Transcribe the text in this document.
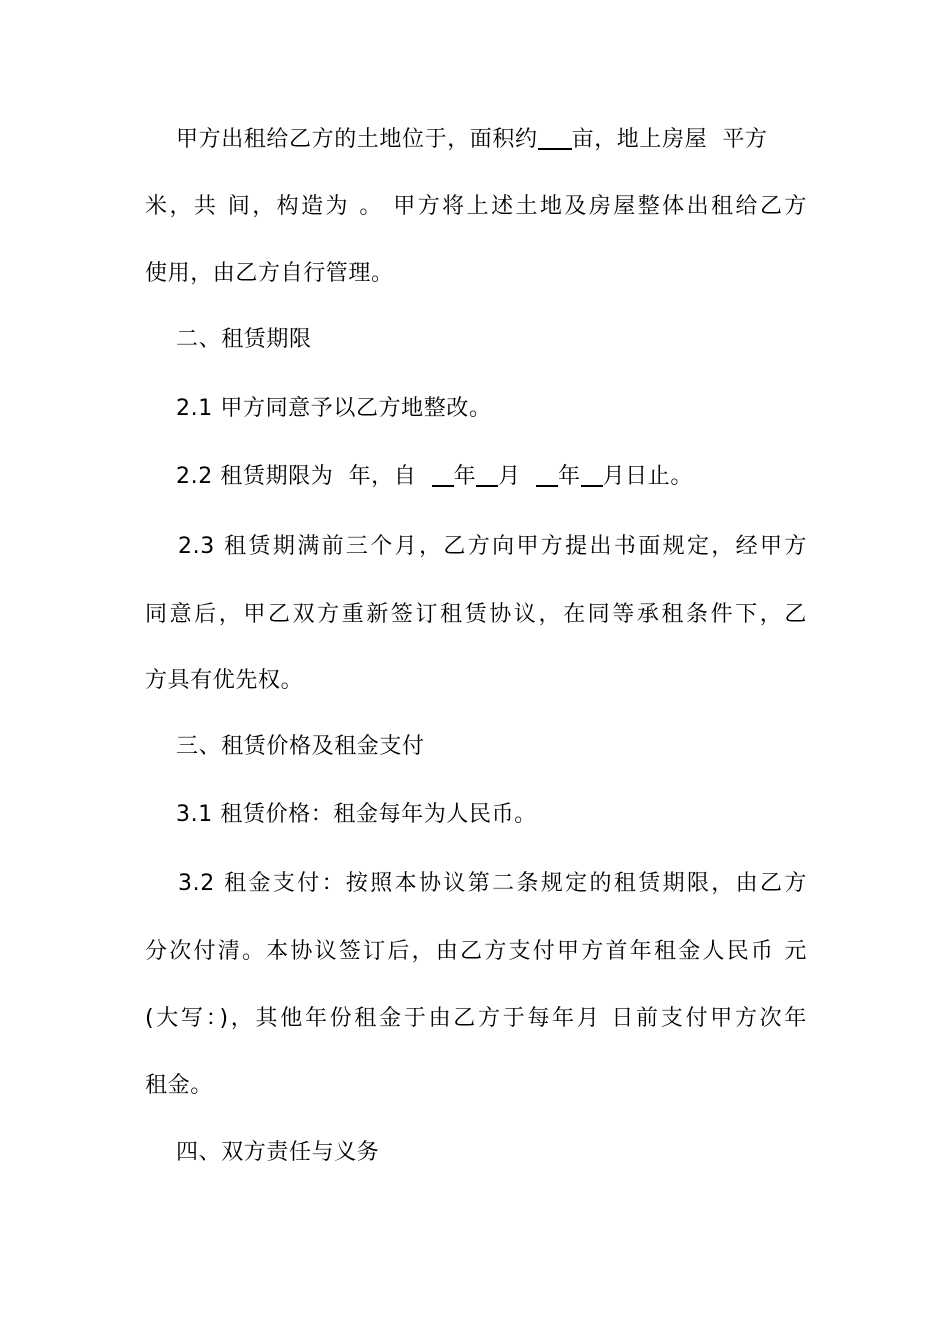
甲方出租给乙方的土地位于，面积约 亩，地上房屋  平方
米，共 间，构造为 。 甲方将上述土地及房屋整体出租给乙方
使用，由乙方自行管理。
二、租赁期限
2.1 甲方同意予以乙方地整改。
2.2 租赁期限为  年，自  年 月  年 月日止。
2.3 租赁期满前三个月，乙方向甲方提出书面规定，经甲方
同意后，甲乙双方重新签订租赁协议，在同等承租条件下，乙
方具有优先权。
三、租赁价格及租金支付
3.1 租赁价格：租金每年为人民币。
3.2 租金支付：按照本协议第二条规定的租赁期限，由乙方
分次付清。本协议签订后，由乙方支付甲方首年租金人民币 元
(大写：)，其他年份租金于由乙方于每年月 日前支付甲方次年
租金。
四、双方责任与义务
